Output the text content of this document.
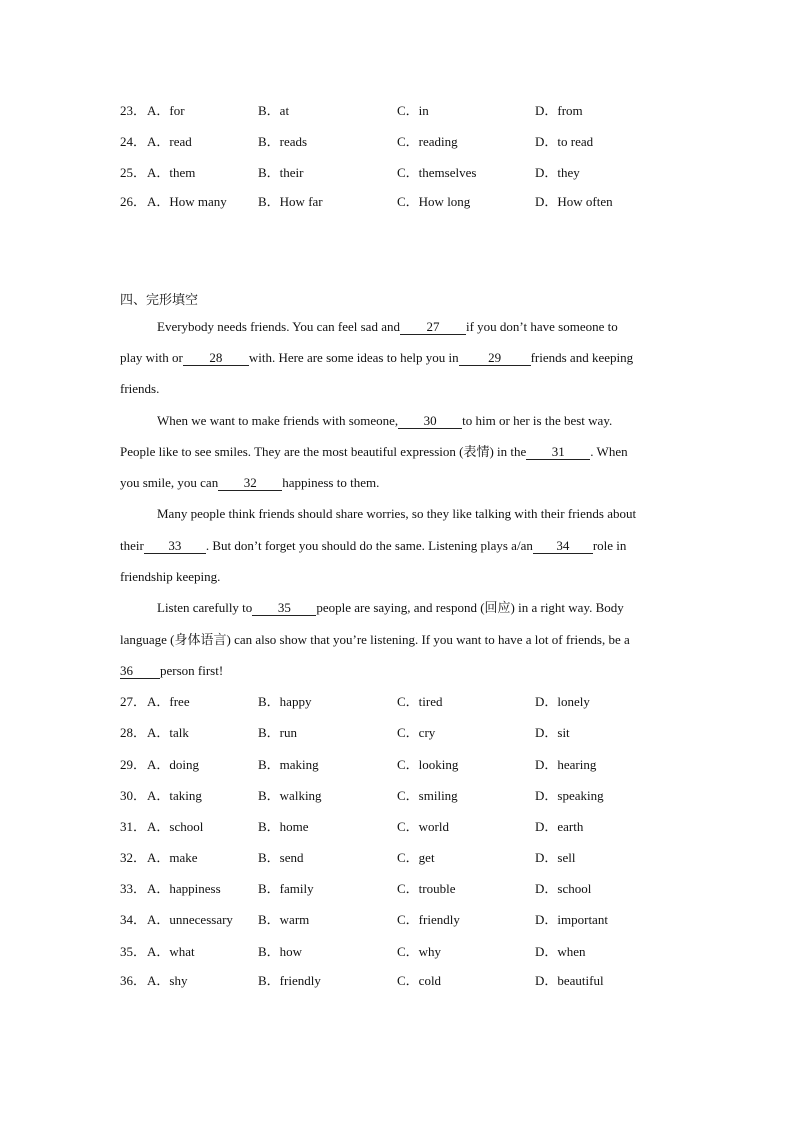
23． A．for	B．at	C．in	D．from
24． A．read	B．reads	C．reading	D．to read
25． A．them	B．their	C．themselves	D．they
26． A．How many B．How far	C．How long	D．How often
四、完形填空
Everybody needs friends. You can feel sad and 27 if you don’t have someone to
play with or 28 with. Here are some ideas to help you in 29 friends and keeping
friends.
When we want to make friends with someone, 30 to him or her is the best way.
People like to see smiles. They are the most beautiful expression (表情) in the 31 . When
you smile, you can 32 happiness to them.
Many people think friends should share worries, so they like talking with their friends about
their 33 . But don’t forget you should do the same. Listening plays a/an 34 role in
friendship keeping.
Listen carefully to 35 people are saying, and respond (回应) in a right way. Body
language (身体语言) can also show that you’re listening. If you want to have a lot of friends, be a
36 person first!
27． A．free	B．happy	C．tired	D．lonely
28． A．talk	B．run	C．cry	D．sit
29． A．doing	B．making	C．looking	D．hearing
30． A．taking	B．walking	C．smiling	D．speaking
31． A．school	B．home	C．world	D．earth
32． A．make	B．send	C．get	D．sell
33． A．happiness	B．family	C．trouble	D．school
34． A．unnecessary B．warm	C．friendly	D．important
35． A．what	B．how	C．why	D．when
36． A．shy	B．friendly	C．cold	D．beautiful
